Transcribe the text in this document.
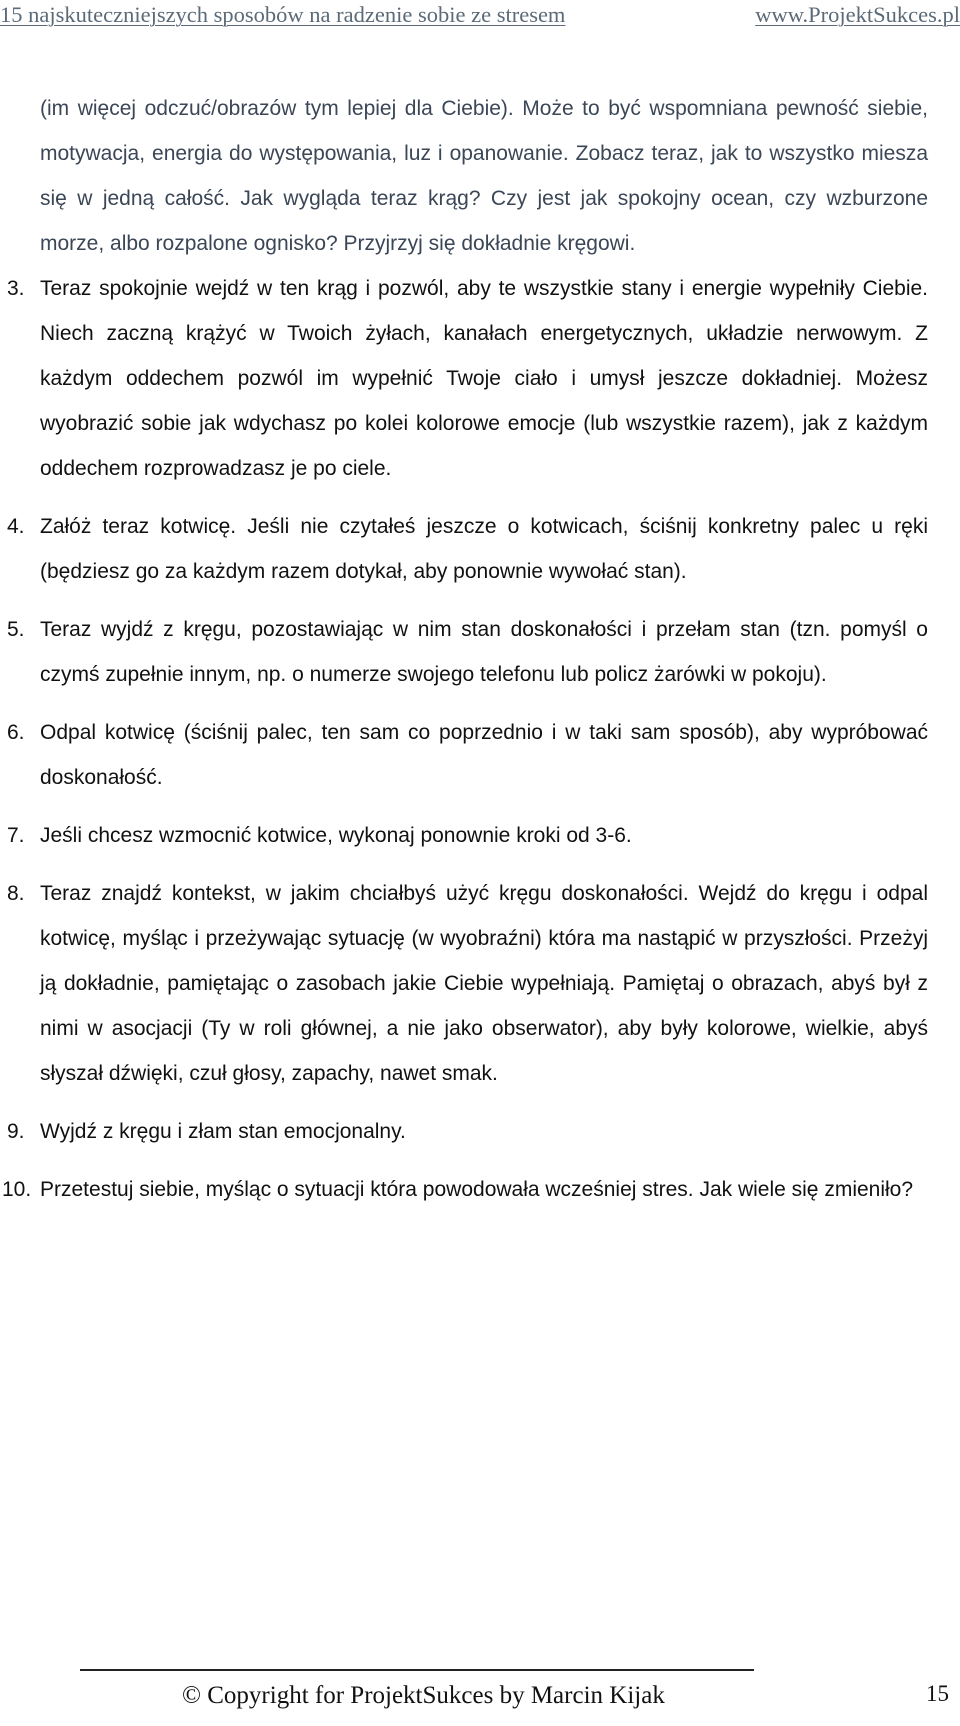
15 najskuteczniejszych sposobów na radzenie sobie ze stresem	www.ProjektSukces.pl

(im więcej odczuć/obrazów tym lepiej dla Ciebie). Może to być wspomniana pewność siebie, motywacja, energia do występowania, luz i opanowanie. Zobacz teraz, jak to wszystko miesza się w jedną całość. Jak wygląda teraz krąg? Czy jest jak spokojny ocean, czy wzburzone morze, albo rozpalone ognisko? Przyjrzyj się dokładnie kręgowi.

3. Teraz spokojnie wejdź w ten krąg i pozwól, aby te wszystkie stany i energie wypełniły Ciebie. Niech zaczną krążyć w Twoich żyłach, kanałach energetycznych, układzie nerwowym. Z każdym oddechem pozwól im wypełnić Twoje ciało i umysł jeszcze dokładniej. Możesz wyobrazić sobie jak wdychasz po kolei kolorowe emocje (lub wszystkie razem), jak z każdym oddechem rozprowadzasz je po ciele.
4. Załóż teraz kotwicę. Jeśli nie czytałeś jeszcze o kotwicach, ściśnij konkretny palec u ręki (będziesz go za każdym razem dotykał, aby ponownie wywołać stan).
5. Teraz wyjdź z kręgu, pozostawiając w nim stan doskonałości i przełam stan (tzn. pomyśl o czymś zupełnie innym, np. o numerze swojego telefonu lub policz żarówki w pokoju).
6. Odpal kotwicę (ściśnij palec, ten sam co poprzednio i w taki sam sposób), aby wypróbować doskonałość.
7. Jeśli chcesz wzmocnić kotwice, wykonaj ponownie kroki od 3-6.
8. Teraz znajdź kontekst, w jakim chciałbyś użyć kręgu doskonałości. Wejdź do kręgu i odpal kotwicę, myśląc i przeżywając sytuację (w wyobraźni) która ma nastąpić w przyszłości. Przeżyj ją dokładnie, pamiętając o zasobach jakie Ciebie wypełniają. Pamiętaj o obrazach, abyś był z nimi w asocjacji (Ty w roli głównej, a nie jako obserwator), aby były kolorowe, wielkie, abyś słyszał dźwięki, czuł głosy, zapachy, nawet smak.
9. Wyjdź z kręgu i złam stan emocjonalny.
10. Przetestuj siebie, myśląc o sytuacji która powodowała wcześniej stres. Jak wiele się zmieniło?
© Copyright for ProjektSukces by Marcin Kijak	15
